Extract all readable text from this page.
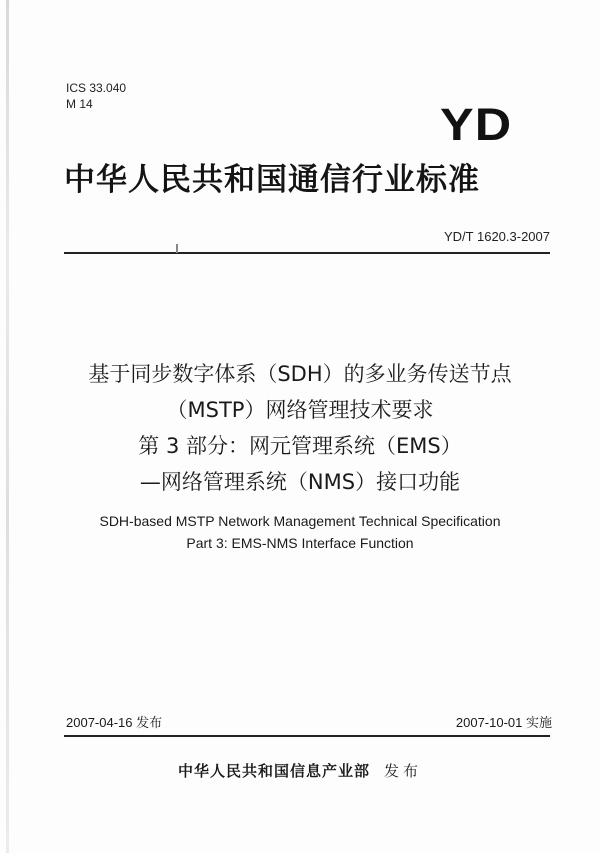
ICS 33.040
M 14	YD
中华人民共和国通信行业标准
YD/T 1620.3-2007
基于同步数字体系（SDH）的多业务传送节点
（MSTP）网络管理技术要求
第 3 部分：网元管理系统（EMS）
—网络管理系统（NMS）接口功能
SDH-based MSTP Network Management Technical Specification
Part 3: EMS-NMS Interface Function
2007-04-16 发布	2007-10-01 实施
中华人民共和国信息产业部 发布
